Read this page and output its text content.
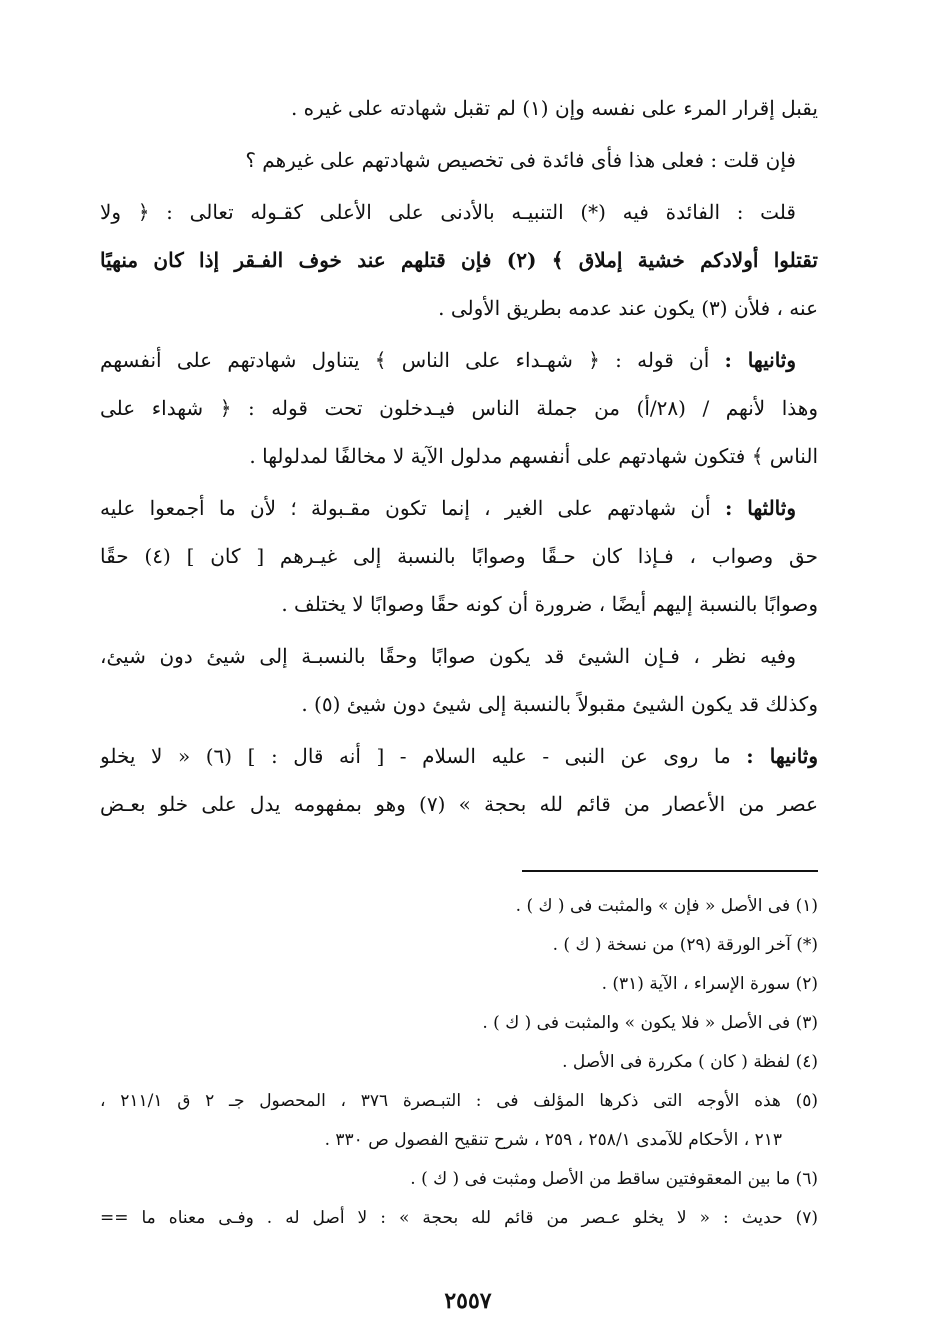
يقبل إقرار المرء على نفسه وإن (١) لم تقبل شهادته على غيره .
فإن قلت : فعلى هذا فأى فائدة فى تخصيص شهادتهم على غيرهم ؟
قلت : الفائدة فيه (*) التنبيـه بالأدنى على الأعلى كقـوله تعالى : ﴿ ولا
تقتلوا أولادكم خشية إملاق ﴾ (٢) فإن قتلهم عند خوف الفـقر إذا كان منهيًا
عنه ، فلأن (٣) يكون عند عدمه بطريق الأولى .
وثانيها : أن قوله : ﴿ شهـداء على الناس ﴾ يتناول شهادتهم على أنفسهم
وهذا لأنهم / (٢٨/أ) من جملة الناس فيـدخلون تحت قوله : ﴿ شهداء على
الناس ﴾ فتكون شهادتهم على أنفسهم مدلول الآية لا مخالفًا لمدلولها .
وثالثها : أن شهادتهم على الغير ، إنما تكون مقـبولة ؛ لأن ما أجمعوا عليه
حق وصواب ، فـإذا كان حـقًا وصوابًا بالنسبة إلى غيـرهم [ كان ] (٤) حقًا
وصوابًا بالنسبة إليهم أيضًا ، ضرورة أن كونه حقًا وصوابًا لا يختلف .
وفيه نظر ، فـإن الشيئ قد يكون صوابًا وحقًا بالنسبـة إلى شيئ دون شيئ،
وكذلك قد يكون الشيئ مقبولاً بالنسبة إلى شيئ دون شيئ (٥) .
وثانيها : ما روى عن النبى - عليه السلام - [ أنه قال : ] (٦) « لا يخلو
عصر من الأعصار من قائم لله بحجة » (٧) وهو بمفهومه يدل على خلو بعـض
(١) فى الأصل « فإن » والمثبت فى ( ك ) .
(*) آخر الورقة (٢٩) من نسخة ( ك ) .
(٢) سورة الإسراء ، الآية (٣١) .
(٣) فى الأصل « فلا يكون » والمثبت فى ( ك ) .
(٤) لفظة ( كان ) مكررة فى الأصل .
(٥) هذه الأوجه التى ذكرها المؤلف فى : التبـصرة ٣٧٦ ، المحصول جـ ٢ ق ٢١١/١ ،
٢١٣ ، الأحكام للآمدى ٢٥٨/١ ، ٢٥٩ ، شرح تنقيح الفصول ص ٣٣٠ .
(٦) ما بين المعقوفتين ساقط من الأصل ومثبت فى ( ك ) .
(٧) حديث : « لا يخلو عـصر من قائم لله بحجة » : لا أصل له . وفـى معناه ما ==
٢٥٥٧
